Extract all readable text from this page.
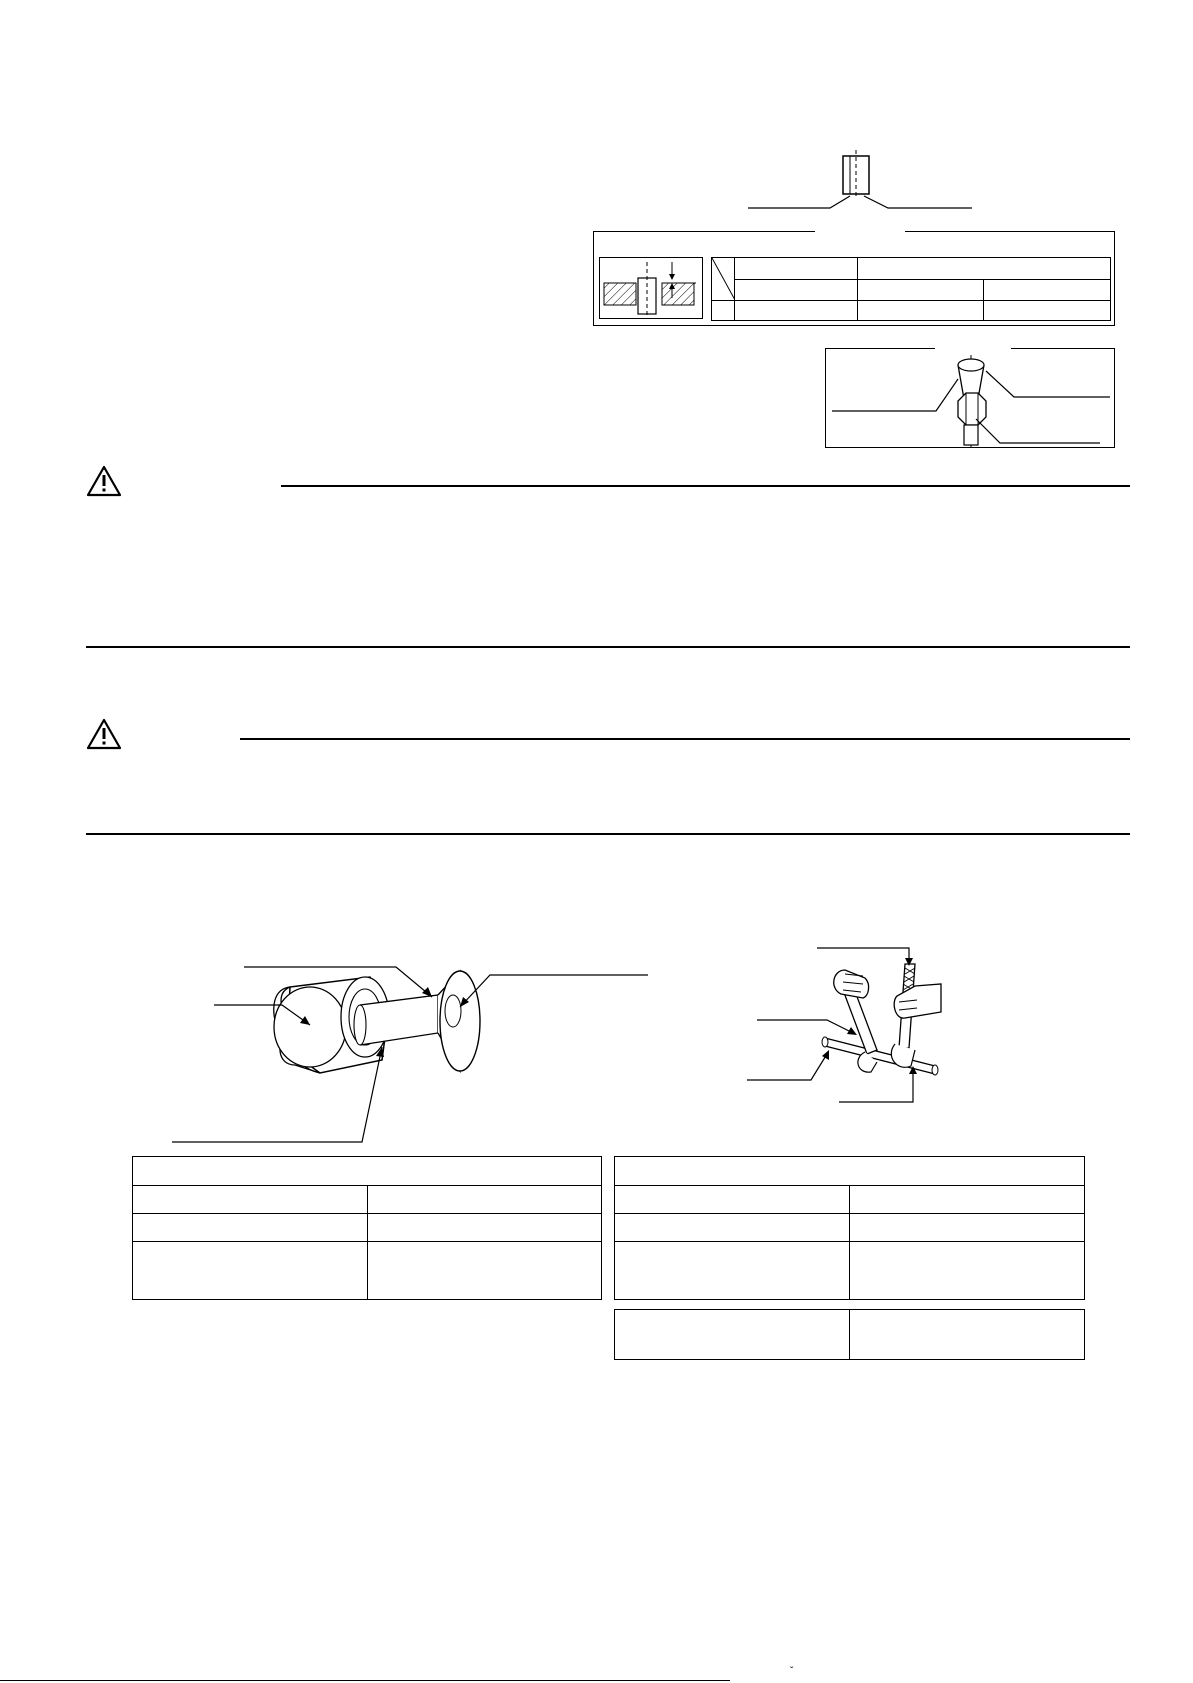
ˇ
